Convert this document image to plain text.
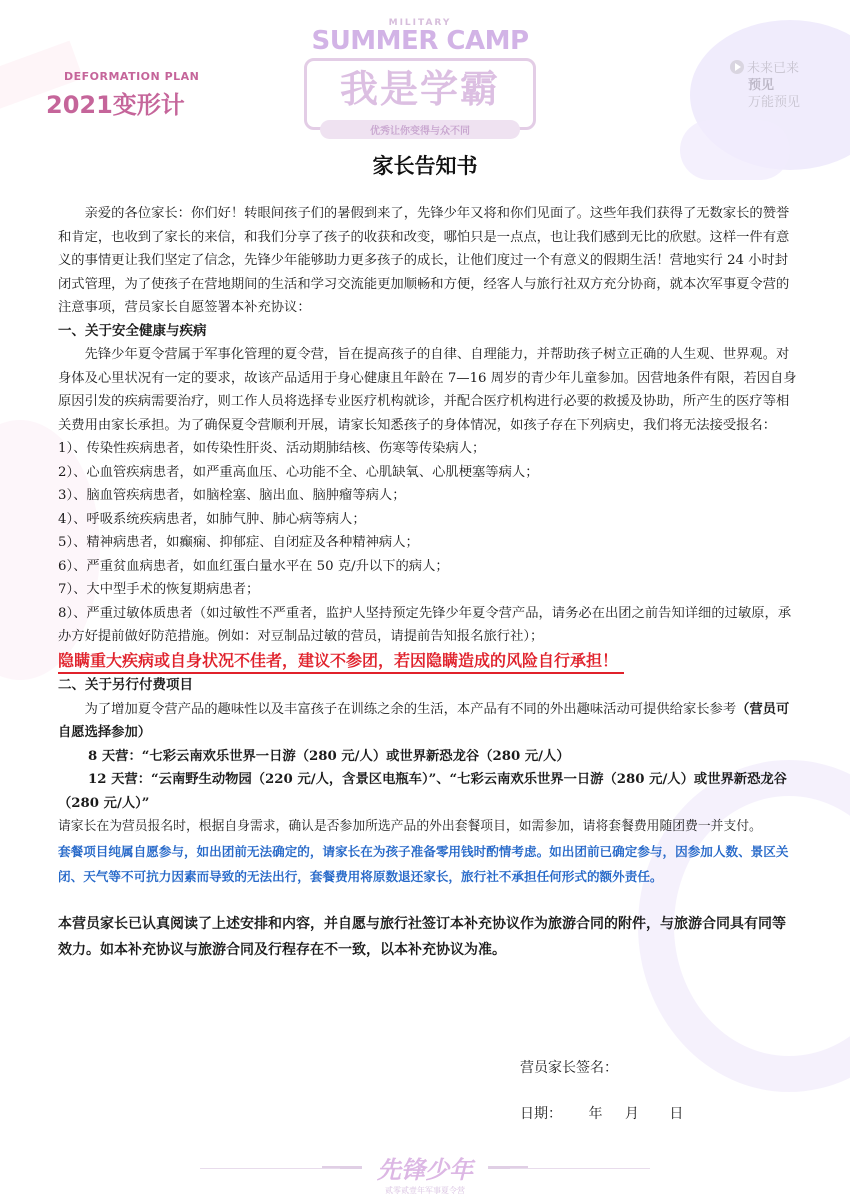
DEFORMATION PLAN
2021变形计
MILITARY
SUMMER CAMP
我是学霸
优秀让你变得与众不同
未来已来
预见
万能预见
家长告知书

亲爱的各位家长：你们好！转眼间孩子们的暑假到来了，先锋少年又将和你们见面了。这些年我们获得了无数家长的赞誉和肯定，也收到了家长的来信，和我们分享了孩子的收获和改变，哪怕只是一点点，也让我们感到无比的欣慰。这样一件有意义的事情更让我们坚定了信念，先锋少年能够助力更多孩子的成长，让他们度过一个有意义的假期生活！营地实行 24 小时封闭式管理，为了使孩子在营地期间的生活和学习交流能更加顺畅和方便，经客人与旅行社双方充分协商，就本次军事夏令营的注意事项，营员家长自愿签署本补充协议：

一、关于安全健康与疾病

先锋少年夏令营属于军事化管理的夏令营，旨在提高孩子的自律、自理能力，并帮助孩子树立正确的人生观、世界观。对身体及心里状况有一定的要求，故该产品适用于身心健康且年龄在 7—16 周岁的青少年儿童参加。因营地条件有限，若因自身原因引发的疾病需要治疗，则工作人员将选择专业医疗机构就诊，并配合医疗机构进行必要的救援及协助，所产生的医疗等相关费用由家长承担。为了确保夏令营顺利开展，请家长知悉孩子的身体情况，如孩子存在下列病史，我们将无法接受报名：

1）、传染性疾病患者，如传染性肝炎、活动期肺结核、伤寒等传染病人；

2）、心血管疾病患者，如严重高血压、心功能不全、心肌缺氧、心肌梗塞等病人；

3）、脑血管疾病患者，如脑栓塞、脑出血、脑肿瘤等病人；

4）、呼吸系统疾病患者，如肺气肿、肺心病等病人；

5）、精神病患者，如癫痫、抑郁症、自闭症及各种精神病人；

6）、严重贫血病患者，如血红蛋白量水平在 50 克/升以下的病人；

7）、大中型手术的恢复期病患者；

8）、严重过敏体质患者（如过敏性不严重者，监护人坚持预定先锋少年夏令营产品，请务必在出团之前告知详细的过敏原，承办方好提前做好防范措施。例如：对豆制品过敏的营员，请提前告知报名旅行社）；

隐瞒重大疾病或自身状况不佳者，建议不参团，若因隐瞒造成的风险自行承担！

二、关于另行付费项目

为了增加夏令营产品的趣味性以及丰富孩子在训练之余的生活，本产品有不同的外出趣味活动可提供给家长参考（营员可自愿选择参加）

8 天营：“七彩云南欢乐世界一日游（280 元/人）或世界新恐龙谷（280 元/人）

12 天营：“云南野生动物园（220 元/人，含景区电瓶车）”、“七彩云南欢乐世界一日游（280 元/人）或世界新恐龙谷（280 元/人）”

请家长在为营员报名时，根据自身需求，确认是否参加所选产品的外出套餐项目，如需参加，请将套餐费用随团费一并支付。

套餐项目纯属自愿参与，如出团前无法确定的，请家长在为孩子准备零用钱时酌情考虑。如出团前已确定参与，因参加人数、景区关闭、天气等不可抗力因素而导致的无法出行，套餐费用将原数退还家长，旅行社不承担任何形式的额外责任。

本营员家长已认真阅读了上述安排和内容，并自愿与旅行社签订本补充协议作为旅游合同的附件，与旅游合同具有同等效力。如本补充协议与旅游合同及行程存在不一致，以本补充协议为准。

营员家长签名：
日期： 年 月 日
先锋少年
贰零贰壹年军事夏令营
